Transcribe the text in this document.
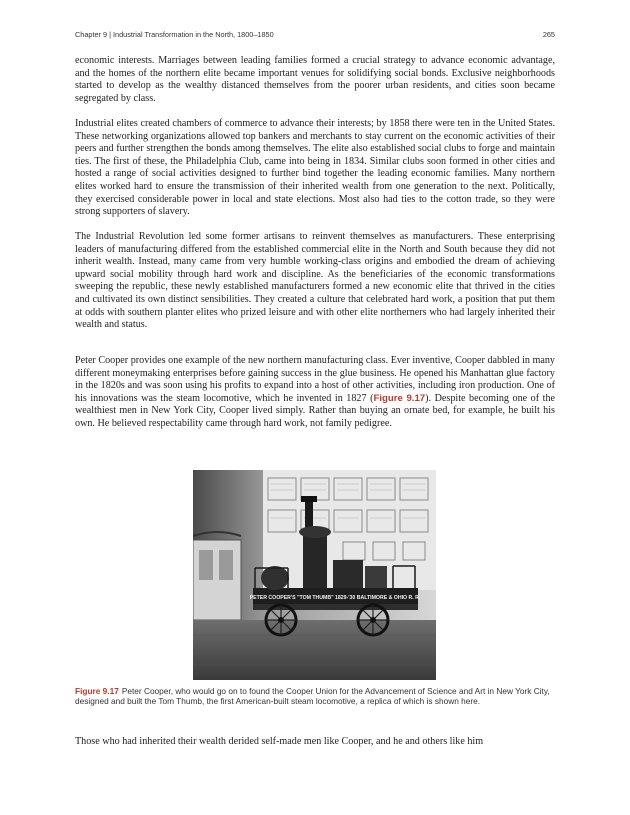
Chapter 9 | Industrial Transformation in the North, 1800–1850	265

economic interests. Marriages between leading families formed a crucial strategy to advance economic advantage, and the homes of the northern elite became important venues for solidifying social bonds. Exclusive neighborhoods started to develop as the wealthy distanced themselves from the poorer urban residents, and cities soon became segregated by class.

Industrial elites created chambers of commerce to advance their interests; by 1858 there were ten in the United States. These networking organizations allowed top bankers and merchants to stay current on the economic activities of their peers and further strengthen the bonds among themselves. The elite also established social clubs to forge and maintain ties. The first of these, the Philadelphia Club, came into being in 1834. Similar clubs soon formed in other cities and hosted a range of social activities designed to further bind together the leading economic families. Many northern elites worked hard to ensure the transmission of their inherited wealth from one generation to the next. Politically, they exercised considerable power in local and state elections. Most also had ties to the cotton trade, so they were strong supporters of slavery.

The Industrial Revolution led some former artisans to reinvent themselves as manufacturers. These enterprising leaders of manufacturing differed from the established commercial elite in the North and South because they did not inherit wealth. Instead, many came from very humble working-class origins and embodied the dream of achieving upward social mobility through hard work and discipline. As the beneficiaries of the economic transformations sweeping the republic, these newly established manufacturers formed a new economic elite that thrived in the cities and cultivated its own distinct sensibilities. They created a culture that celebrated hard work, a position that put them at odds with southern planter elites who prized leisure and with other elite northerners who had largely inherited their wealth and status.

Peter Cooper provides one example of the new northern manufacturing class. Ever inventive, Cooper dabbled in many different moneymaking enterprises before gaining success in the glue business. He opened his Manhattan glue factory in the 1820s and was soon using his profits to expand into a host of other activities, including iron production. One of his innovations was the steam locomotive, which he invented in 1827 (Figure 9.17). Despite becoming one of the wealthiest men in New York City, Cooper lived simply. Rather than buying an ornate bed, for example, he built his own. He believed respectability came through hard work, not family pedigree.

PETER COOPER'S "TOM THUMB" 1829-'30 BALTIMORE & OHIO R. R.
Figure 9.17 Peter Cooper, who would go on to found the Cooper Union for the Advancement of Science and Art in New York City, designed and built the Tom Thumb, the first American-built steam locomotive, a replica of which is shown here.

Those who had inherited their wealth derided self-made men like Cooper, and he and others like him
